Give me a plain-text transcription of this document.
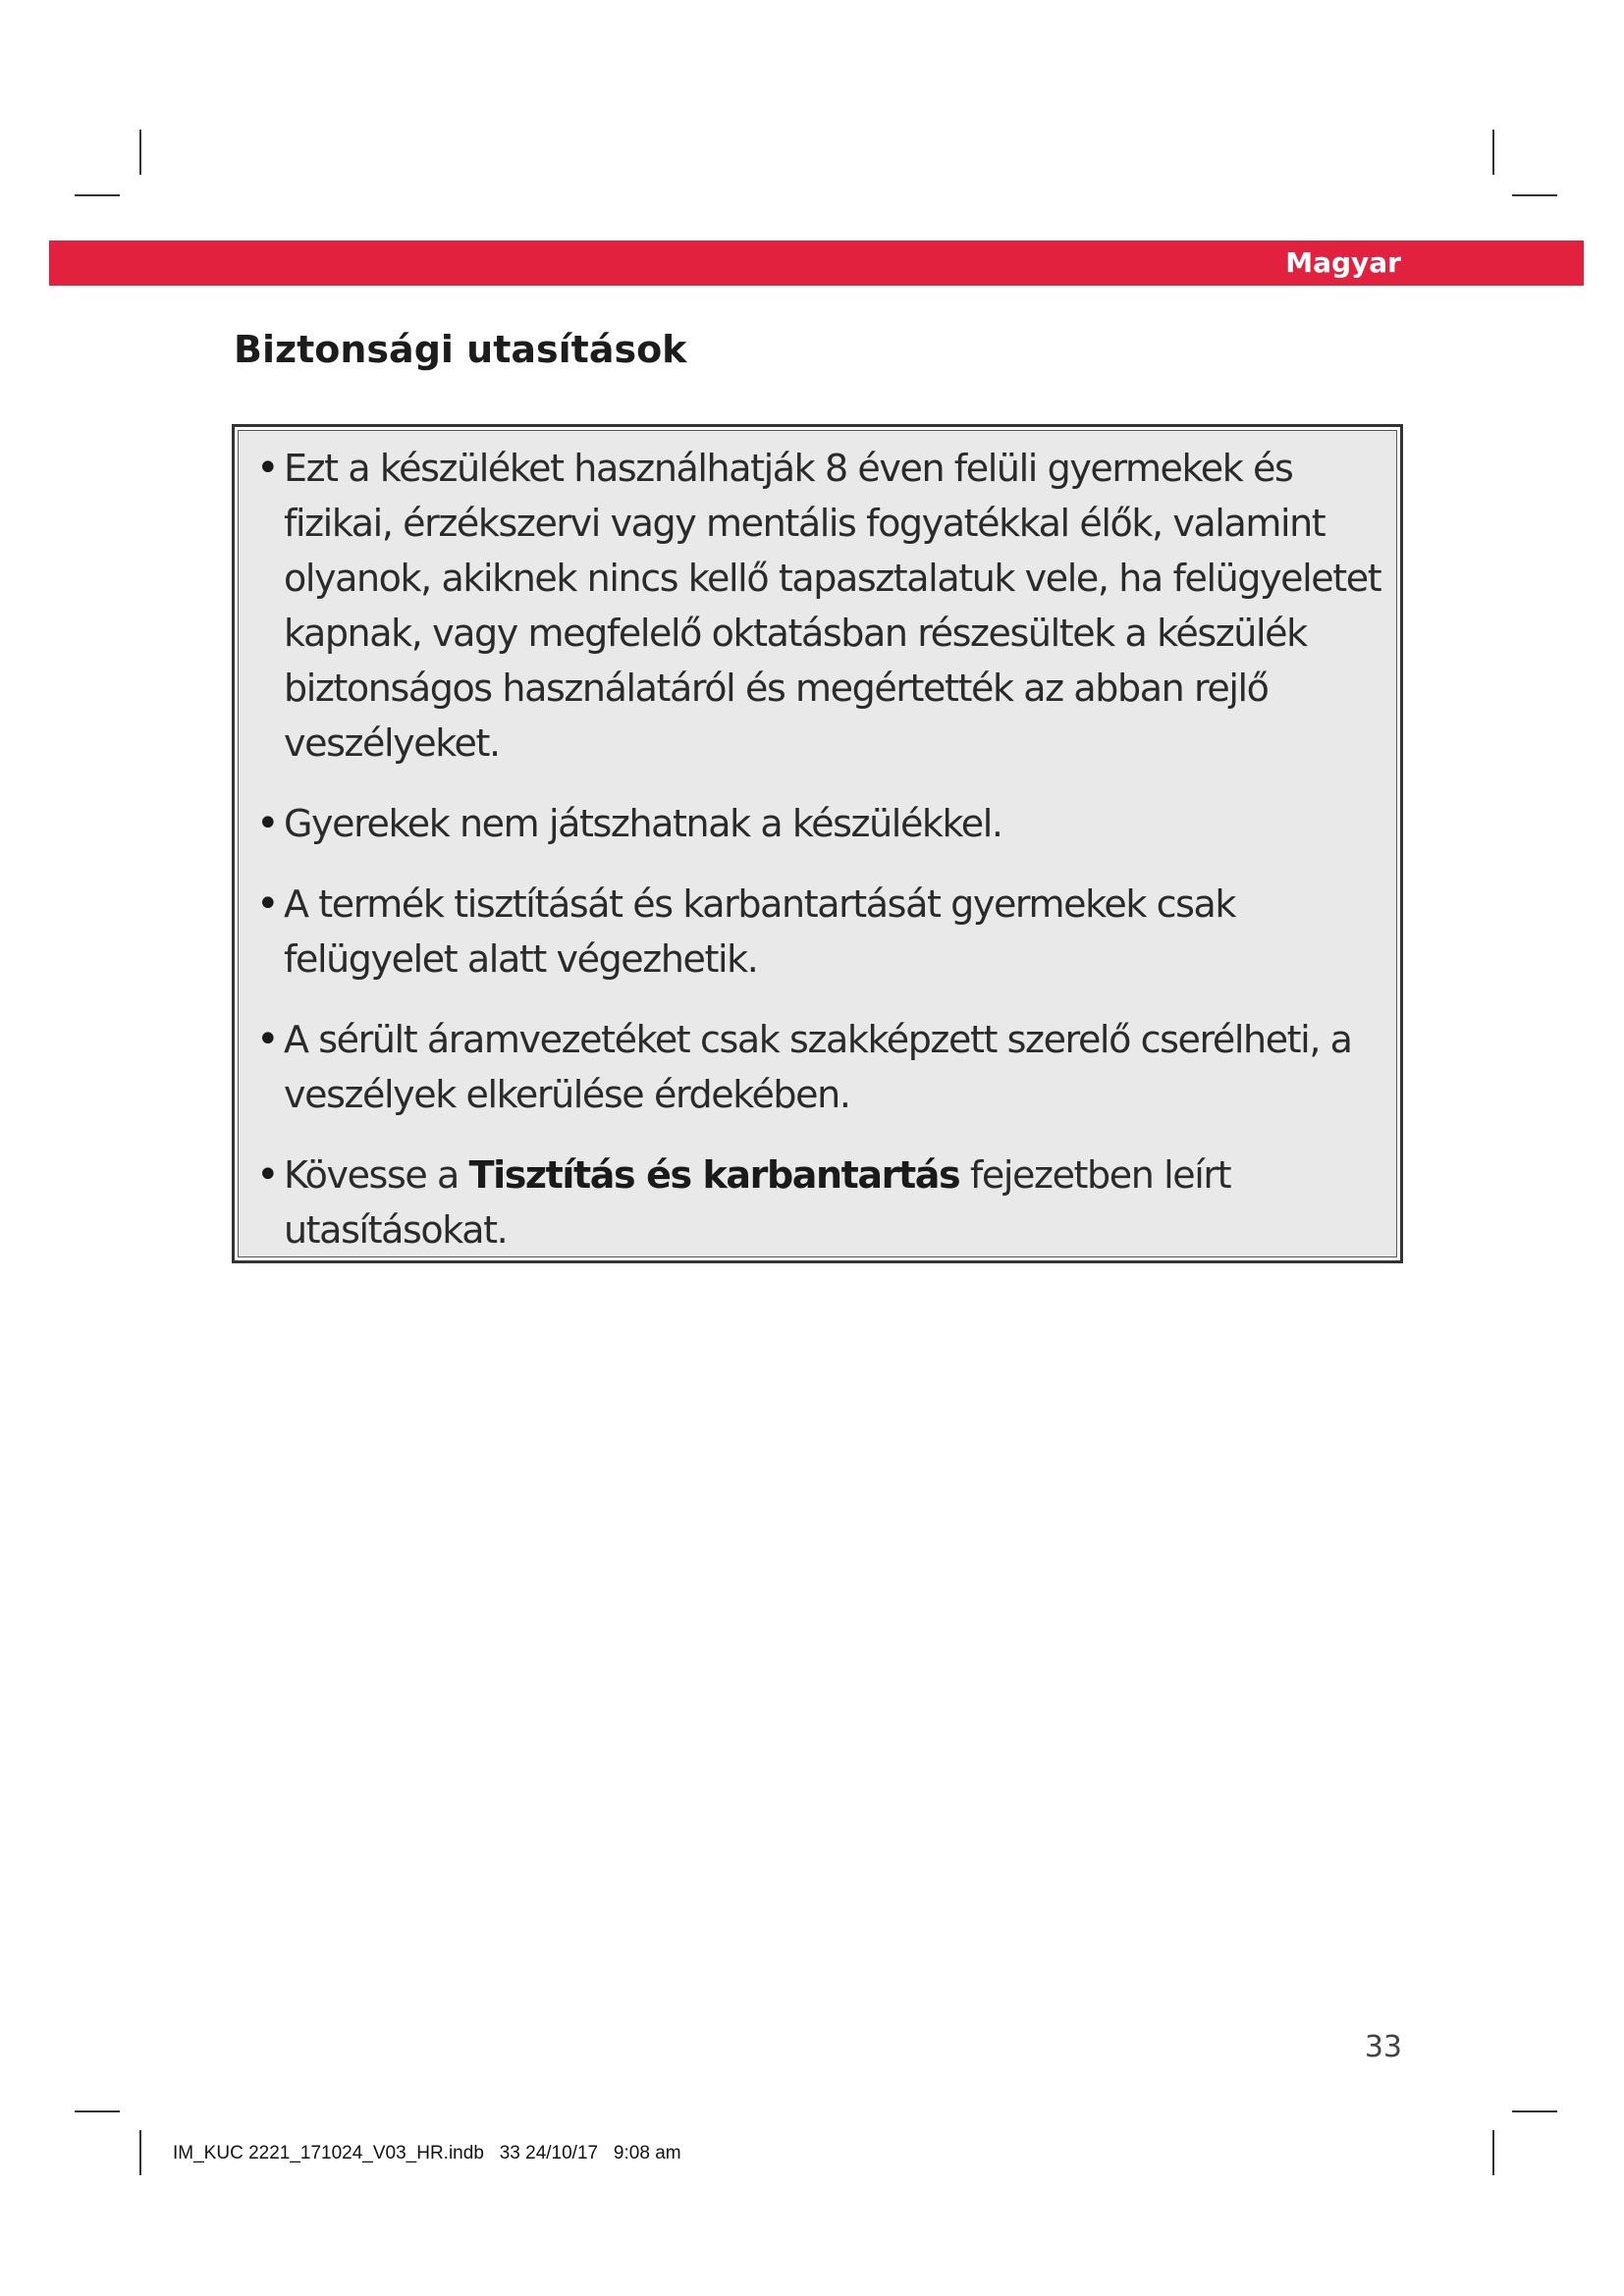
Magyar
Biztonsági utasítások
• Ezt a készüléket használhatják 8 éven felüli gyermekek és fizikai, érzékszervi vagy mentális fogyatékkal élők, valamint olyanok, akiknek nincs kellő tapasztalatuk vele, ha felügyeletet kapnak, vagy megfelelő oktatásban részesültek a készülék biztonságos használatáról és megértették az abban rejlő veszélyeket.
• Gyerekek nem játszhatnak a készülékkel.
• A termék tisztítását és karbantartását gyermekek csak felügyelet alatt végezhetik.
• A sérült áramvezetéket csak szakképzett szerelő cserélheti, a veszélyek elkerülése érdekében.
• Kövesse a Tisztítás és karbantartás fejezetben leírt utasításokat.
33
IM_KUC 2221_171024_V03_HR.indb   33 24/10/17   9:08 am
